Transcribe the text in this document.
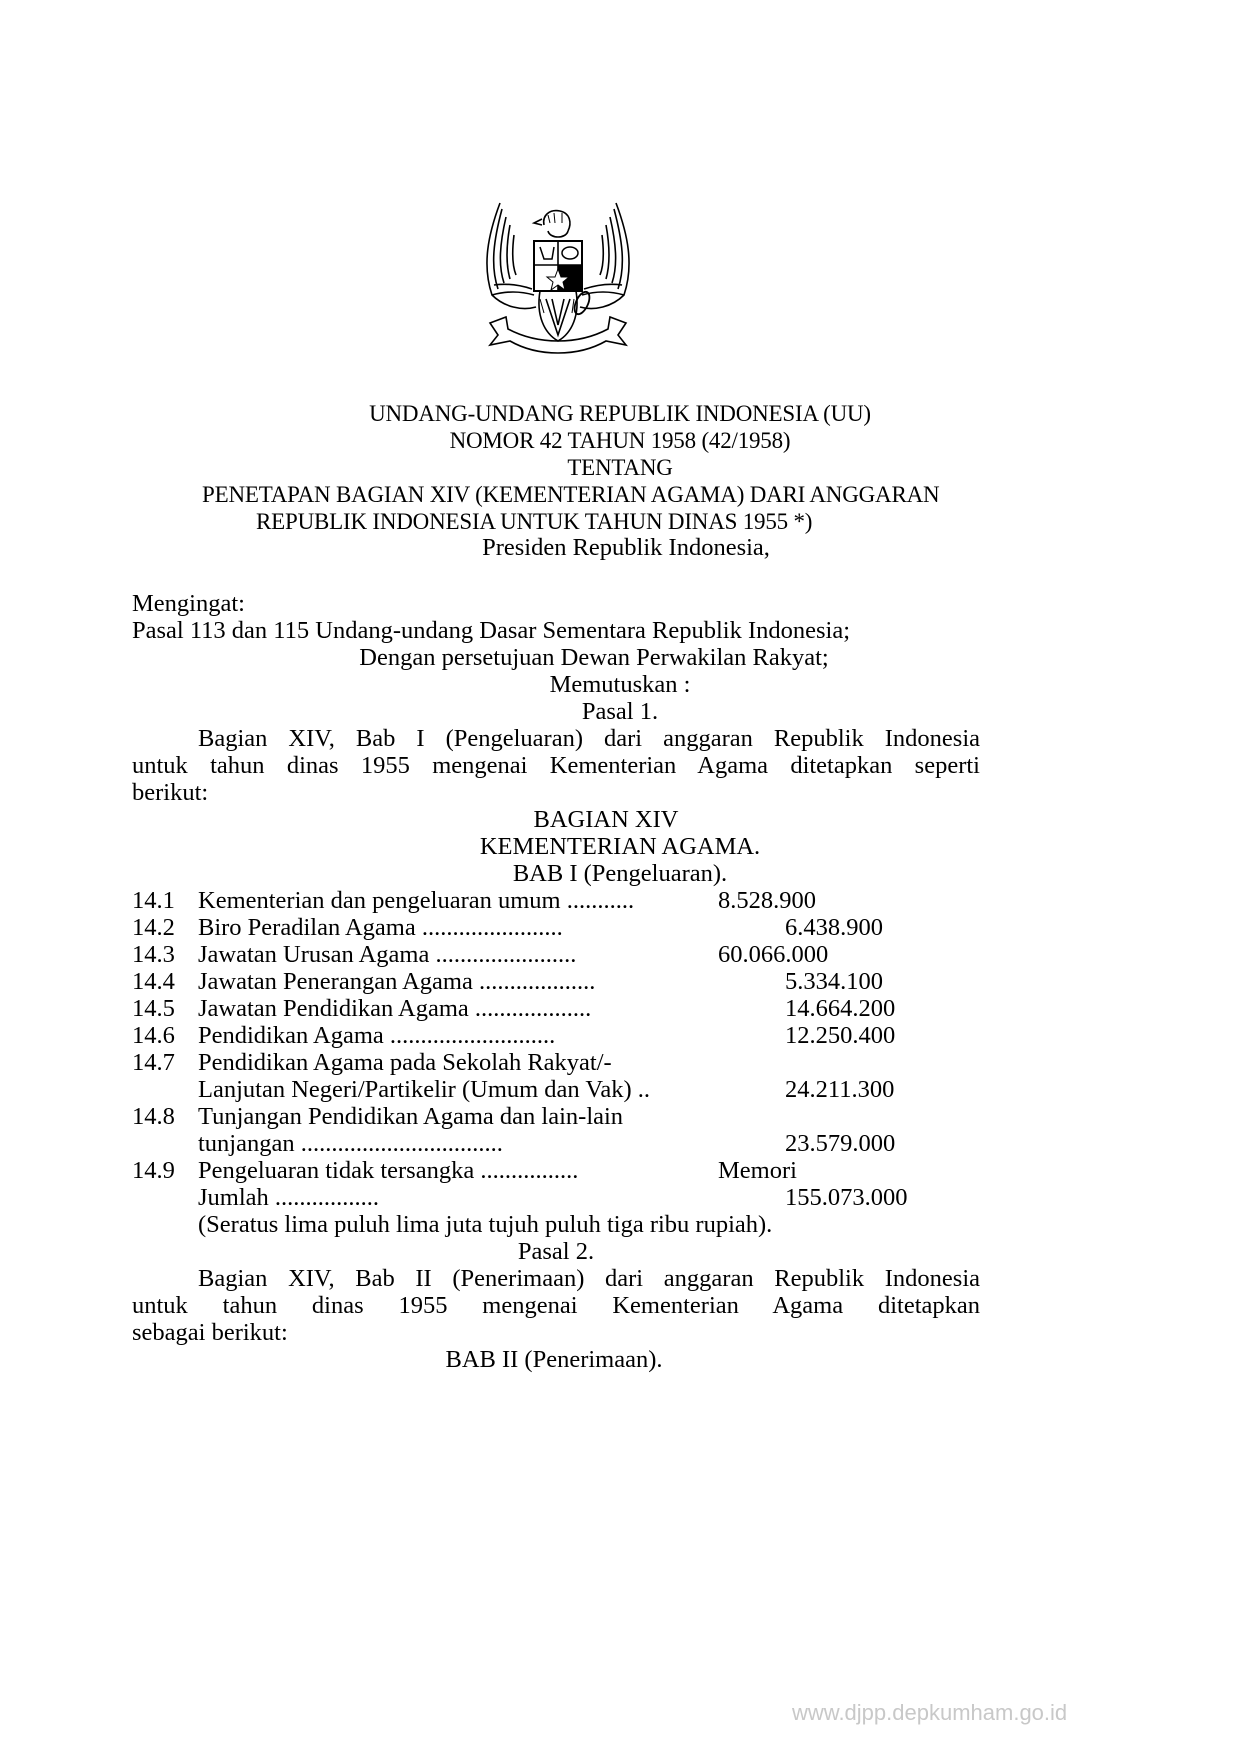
UNDANG-UNDANG REPUBLIK INDONESIA (UU)
NOMOR 42 TAHUN 1958 (42/1958)
TENTANG
PENETAPAN BAGIAN XIV (KEMENTERIAN AGAMA) DARI ANGGARAN
REPUBLIK INDONESIA UNTUK TAHUN DINAS 1955 *)
Presiden Republik Indonesia,
Mengingat:
Pasal 113 dan 115 Undang-undang Dasar Sementara Republik Indonesia;
Dengan persetujuan Dewan Perwakilan Rakyat;
Memutuskan :
Pasal 1.
Bagian XIV, Bab I (Pengeluaran) dari anggaran Republik Indonesia
untuk tahun dinas 1955 mengenai Kementerian Agama ditetapkan seperti
berikut:
BAGIAN XIV
KEMENTERIAN AGAMA.
BAB I (Pengeluaran).
14.1 Kementerian dan pengeluaran umum ...........	8.528.900
14.2 Biro Peradilan Agama .......................	6.438.900
14.3 Jawatan Urusan Agama .......................	60.066.000
14.4 Jawatan Penerangan Agama ...................	5.334.100
14.5 Jawatan Pendidikan Agama ...................	14.664.200
14.6 Pendidikan Agama ...........................	12.250.400
14.7 Pendidikan Agama pada Sekolah Rakyat/-
Lanjutan Negeri/Partikelir (Umum dan Vak) ..	24.211.300
14.8 Tunjangan Pendidikan Agama dan lain-lain
tunjangan .................................	23.579.000
14.9 Pengeluaran tidak tersangka ................	Memori
Jumlah .................	155.073.000
(Seratus lima puluh lima juta tujuh puluh tiga ribu rupiah).
Pasal 2.
Bagian XIV, Bab II (Penerimaan) dari anggaran Republik Indonesia
untuk tahun dinas 1955 mengenai Kementerian Agama ditetapkan
sebagai berikut:
BAB II (Penerimaan).
www.djpp.depkumham.go.id
